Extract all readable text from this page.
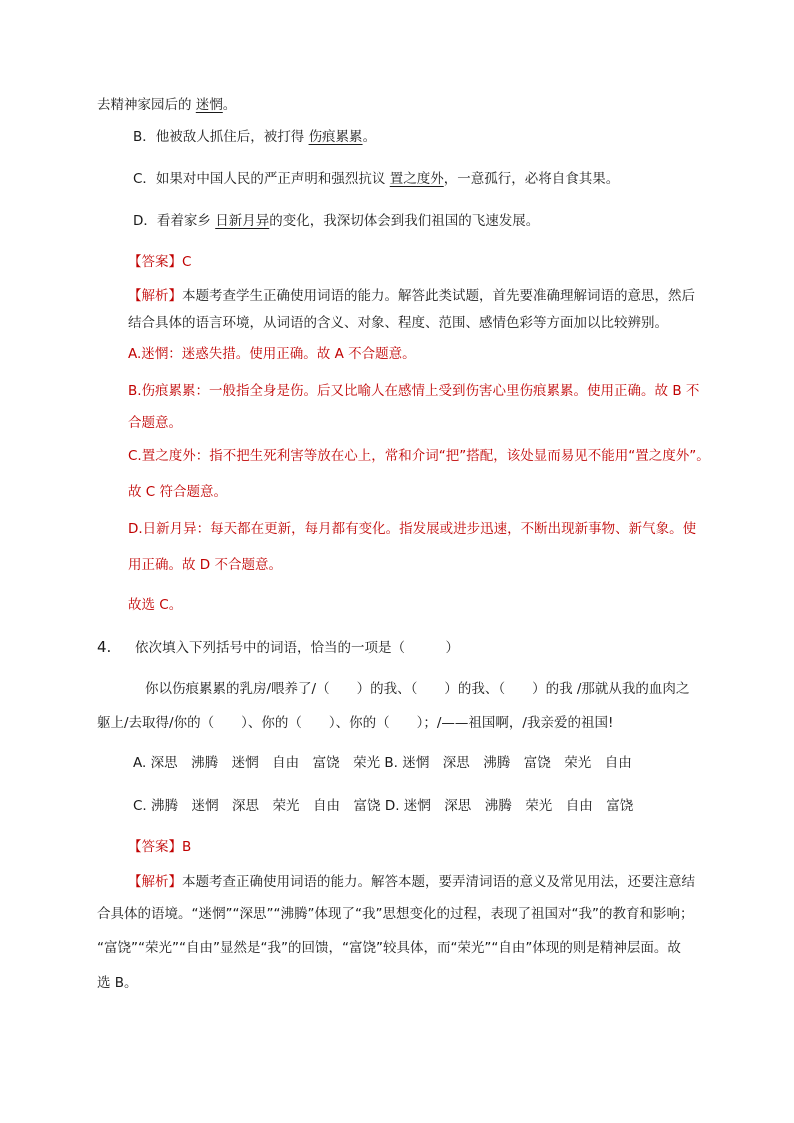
去精神家园后的 迷惘。
B．他被敌人抓住后，被打得 伤痕累累。
C．如果对中国人民的严正声明和强烈抗议 置之度外，一意孤行，必将自食其果。
D．看着家乡 日新月异的变化，我深切体会到我们祖国的飞速发展。
【答案】C
【解析】本题考查学生正确使用词语的能力。解答此类试题，首先要准确理解词语的意思，然后
结合具体的语言环境，从词语的含义、对象、程度、范围、感情色彩等方面加以比较辨别。
A.迷惘：迷惑失措。使用正确。故 A 不合题意。
B.伤痕累累：一般指全身是伤。后又比喻人在感情上受到伤害心里伤痕累累。使用正确。故 B 不
合题意。
C.置之度外：指不把生死利害等放在心上，常和介词“把”搭配，该处显而易见不能用“置之度外”。
故 C 符合题意。
D.日新月异：每天都在更新，每月都有变化。指发展或进步迅速，不断出现新事物、新气象。使
用正确。故 D 不合题意。
故选 C。
4. 依次填入下列括号中的词语，恰当的一项是（　　　）
你以伤痕累累的乳房/喂养了/（　　）的我、（　　）的我、（　　）的我 /那就从我的血肉之
躯上/去取得/你的（　　）、你的（　　）、你的（　　）；/——祖国啊，/我亲爱的祖国!
A. 深思　沸腾　迷惘　自由　富饶　荣光 B. 迷惘　深思　沸腾　富饶　荣光　自由
C. 沸腾　迷惘　深思　荣光　自由　富饶 D. 迷惘　深思　沸腾　荣光　自由　富饶
【答案】B
【解析】本题考查正确使用词语的能力。解答本题，要弄清词语的意义及常见用法，还要注意结
合具体的语境。“迷惘”“深思”“沸腾”体现了“我”思想变化的过程，表现了祖国对“我”的教育和影响；
“富饶”“荣光”“自由”显然是“我”的回馈，“富饶”较具体，而“荣光”“自由”体现的则是精神层面。故
选 B。
